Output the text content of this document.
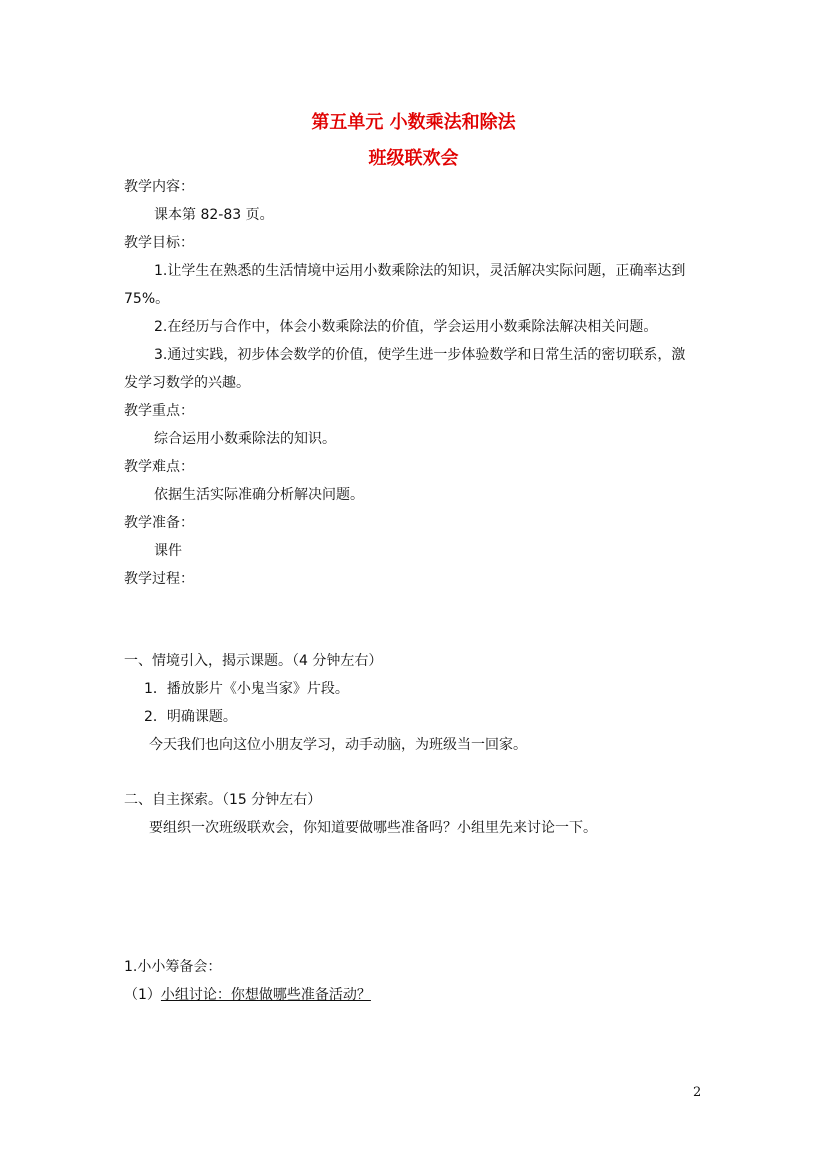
第五单元 小数乘法和除法
班级联欢会
教学内容：
课本第 82-83 页。
教学目标：
1.让学生在熟悉的生活情境中运用小数乘除法的知识，灵活解决实际问题，正确率达到
75%。
2.在经历与合作中，体会小数乘除法的价值，学会运用小数乘除法解决相关问题。
3.通过实践，初步体会数学的价值，使学生进一步体验数学和日常生活的密切联系，激
发学习数学的兴趣。
教学重点：
综合运用小数乘除法的知识。
教学难点：
依据生活实际准确分析解决问题。
教学准备：
课件
教学过程：
一、情境引入，揭示课题。（4 分钟左右）
1．播放影片《小鬼当家》片段。
2．明确课题。
今天我们也向这位小朋友学习，动手动脑，为班级当一回家。
二、自主探索。（15 分钟左右）
要组织一次班级联欢会，你知道要做哪些准备吗？小组里先来讨论一下。
1.小小筹备会：
（1）小组讨论：你想做哪些准备活动？
2
